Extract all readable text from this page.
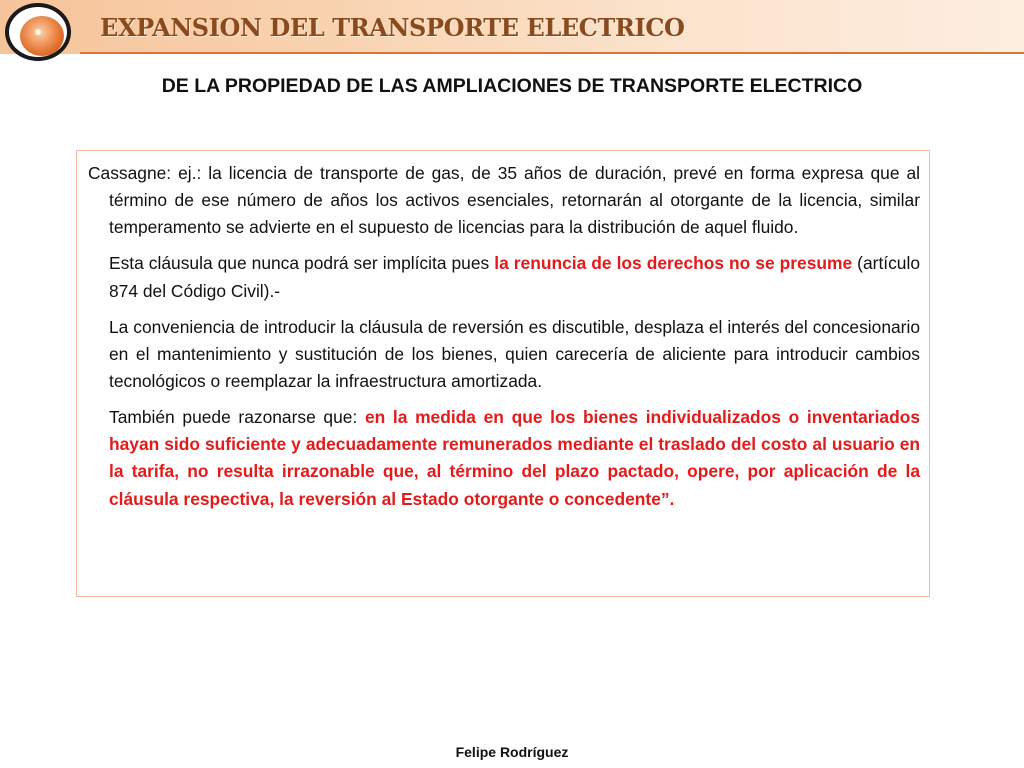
EXPANSION DEL TRANSPORTE ELECTRICO
DE LA PROPIEDAD DE LAS AMPLIACIONES DE TRANSPORTE ELECTRICO

Cassagne: ej.: la licencia de transporte de gas, de 35 años de duración, prevé en forma expresa que al término de ese número de años los activos esenciales, retornarán al otorgante de la licencia, similar temperamento se advierte en el supuesto de licencias para la distribución de aquel fluido.

Esta cláusula que nunca podrá ser implícita pues la renuncia de los derechos no se presume (artículo 874 del Código Civil).-

La conveniencia de introducir la cláusula de reversión es discutible, desplaza el interés del concesionario en el mantenimiento y sustitución de los bienes, quien carecería de aliciente para introducir cambios tecnológicos o reemplazar la infraestructura amortizada.

También puede razonarse que: en la medida en que los bienes individualizados o inventariados hayan sido suficiente y adecuadamente remunerados mediante el traslado del costo al usuario en la tarifa, no resulta irrazonable que, al término del plazo pactado, opere, por aplicación de la cláusula respectiva, la reversión al Estado otorgante o concedente”.

Felipe Rodríguez
